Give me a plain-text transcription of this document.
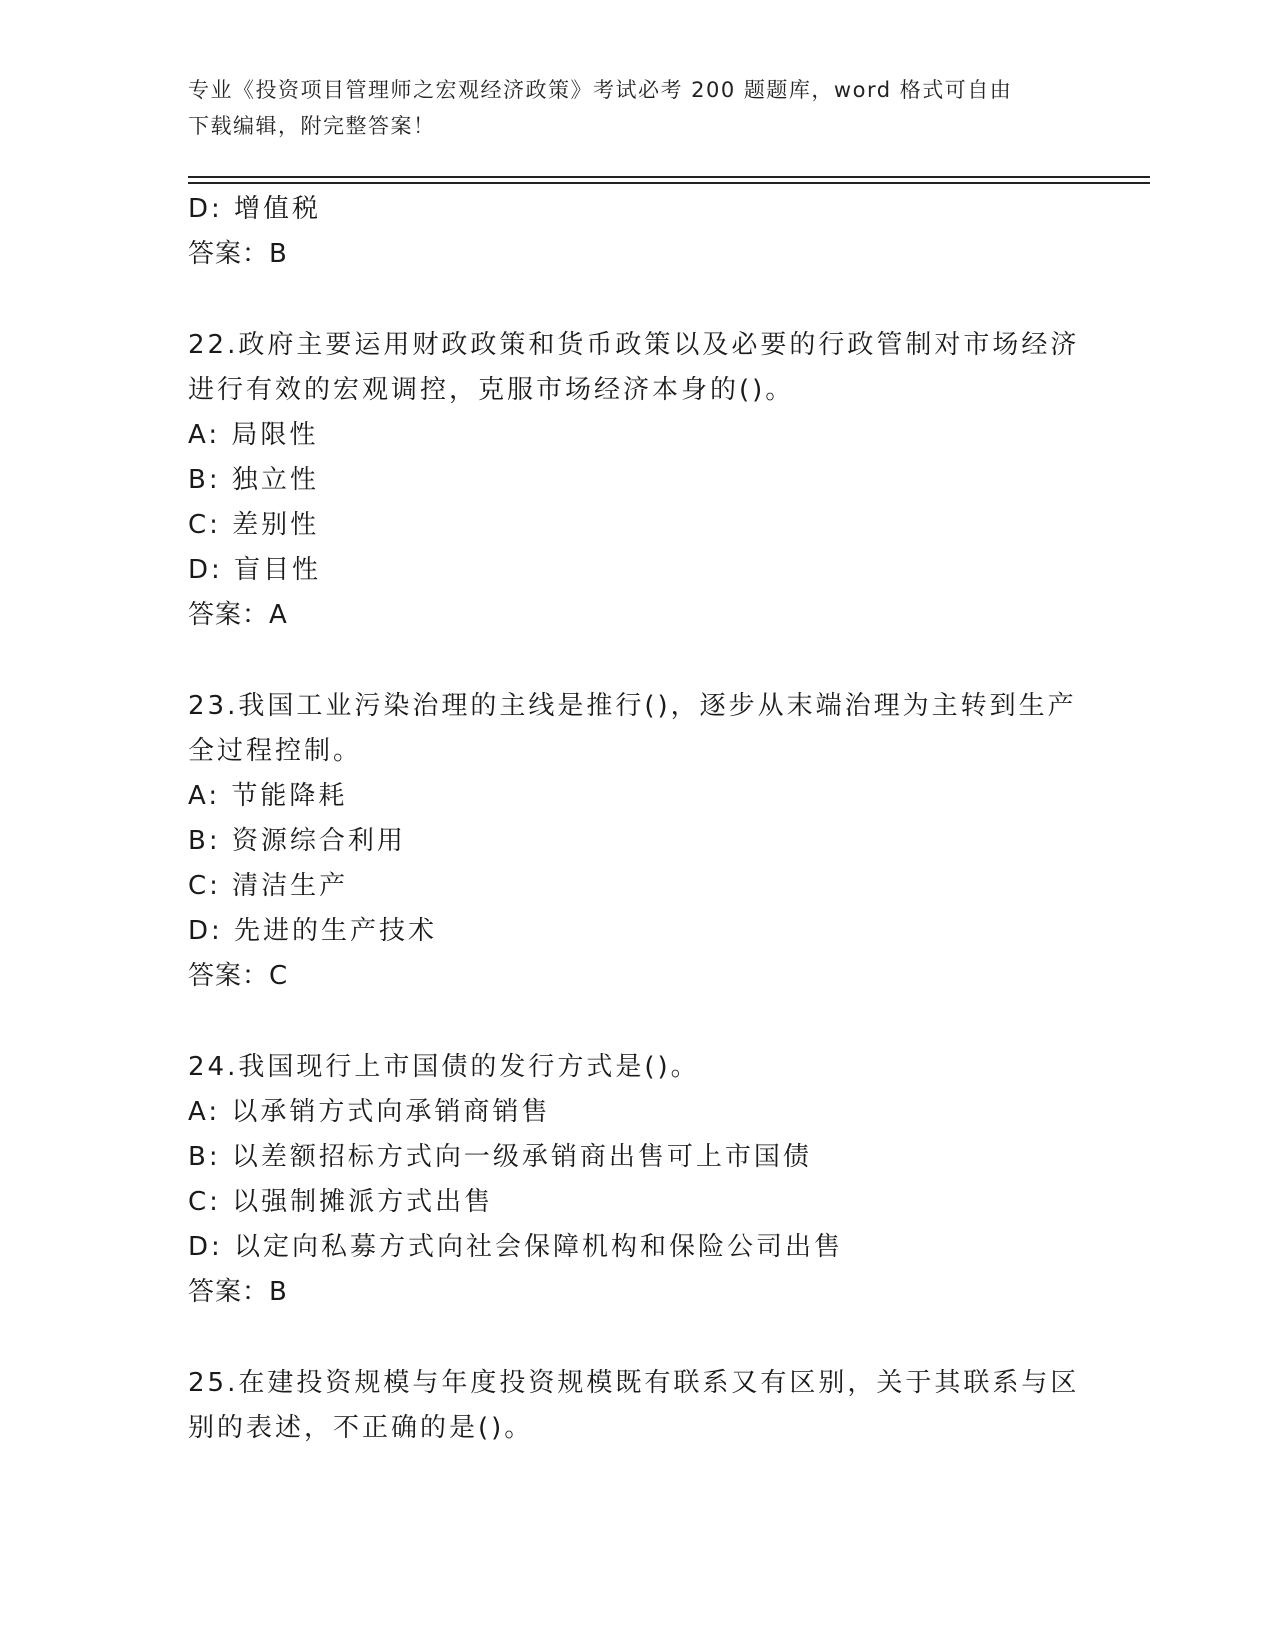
专业《投资项目管理师之宏观经济政策》考试必考 200 题题库，word 格式可自由
下载编辑，附完整答案！
D: 增值税
答案：B
22.政府主要运用财政政策和货币政策以及必要的行政管制对市场经济
进行有效的宏观调控，克服市场经济本身的()。
A: 局限性
B: 独立性
C: 差别性
D: 盲目性
答案：A
23.我国工业污染治理的主线是推行()，逐步从末端治理为主转到生产
全过程控制。
A: 节能降耗
B: 资源综合利用
C: 清洁生产
D: 先进的生产技术
答案：C
24.我国现行上市国债的发行方式是()。
A: 以承销方式向承销商销售
B: 以差额招标方式向一级承销商出售可上市国债
C: 以强制摊派方式出售
D: 以定向私募方式向社会保障机构和保险公司出售
答案：B
25.在建投资规模与年度投资规模既有联系又有区别，关于其联系与区
别的表述，不正确的是()。
